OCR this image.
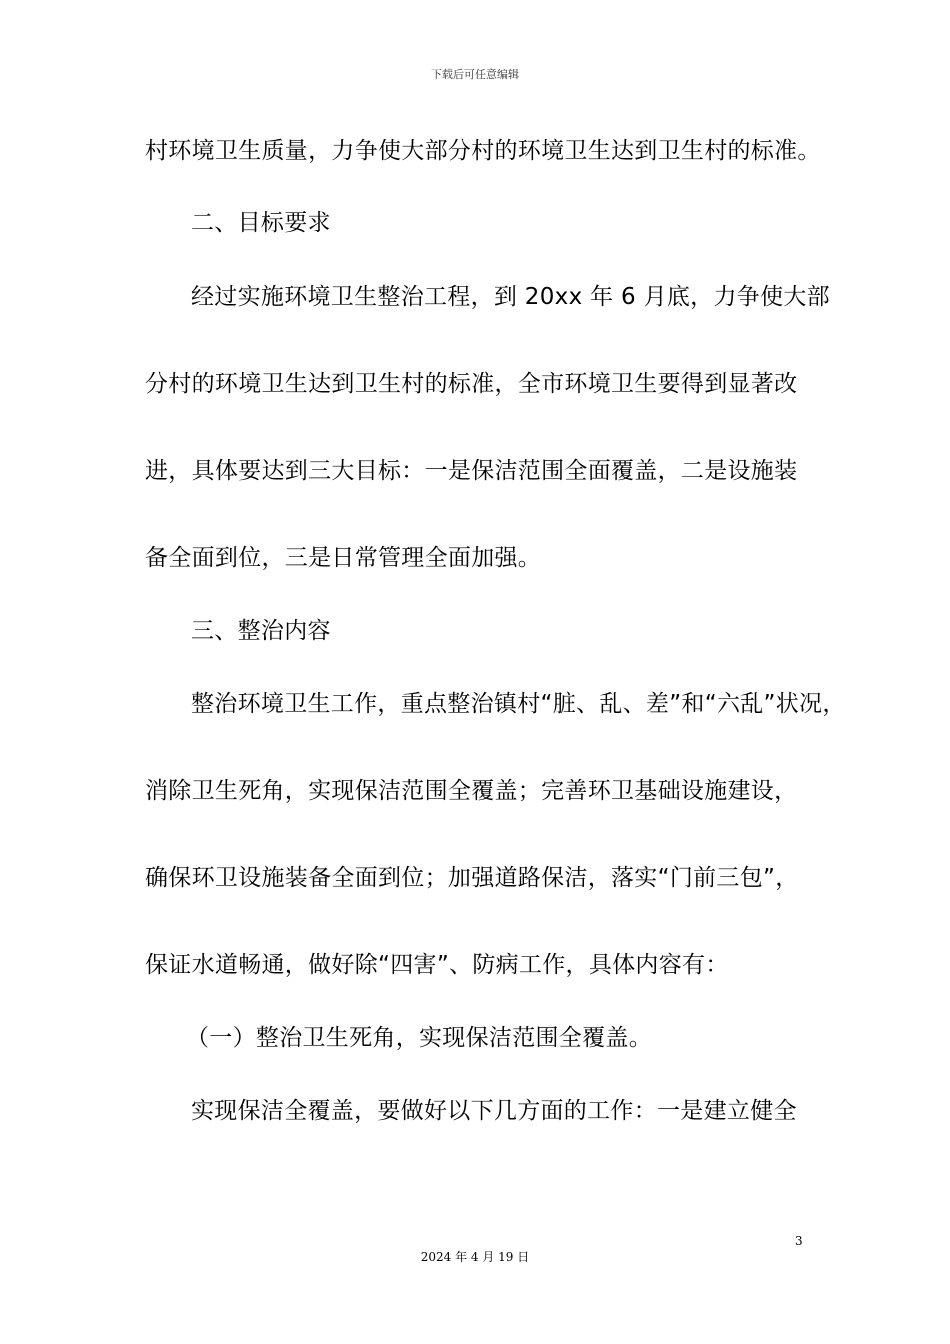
下载后可任意编辑
村环境卫生质量，力争使大部分村的环境卫生达到卫生村的标准。
二、目标要求
经过实施环境卫生整治工程，到 20xx 年 6 月底，力争使大部
分村的环境卫生达到卫生村的标准，全市环境卫生要得到显著改
进，具体要达到三大目标：一是保洁范围全面覆盖，二是设施装
备全面到位，三是日常管理全面加强。
三、整治内容
整治环境卫生工作，重点整治镇村“脏、乱、差”和“六乱”状况，
消除卫生死角，实现保洁范围全覆盖；完善环卫基础设施建设，
确保环卫设施装备全面到位；加强道路保洁，落实“门前三包”，
保证水道畅通，做好除“四害”、防病工作，具体内容有：
（一）整治卫生死角，实现保洁范围全覆盖。
实现保洁全覆盖，要做好以下几方面的工作：一是建立健全
3
2024 年 4 月 19 日
